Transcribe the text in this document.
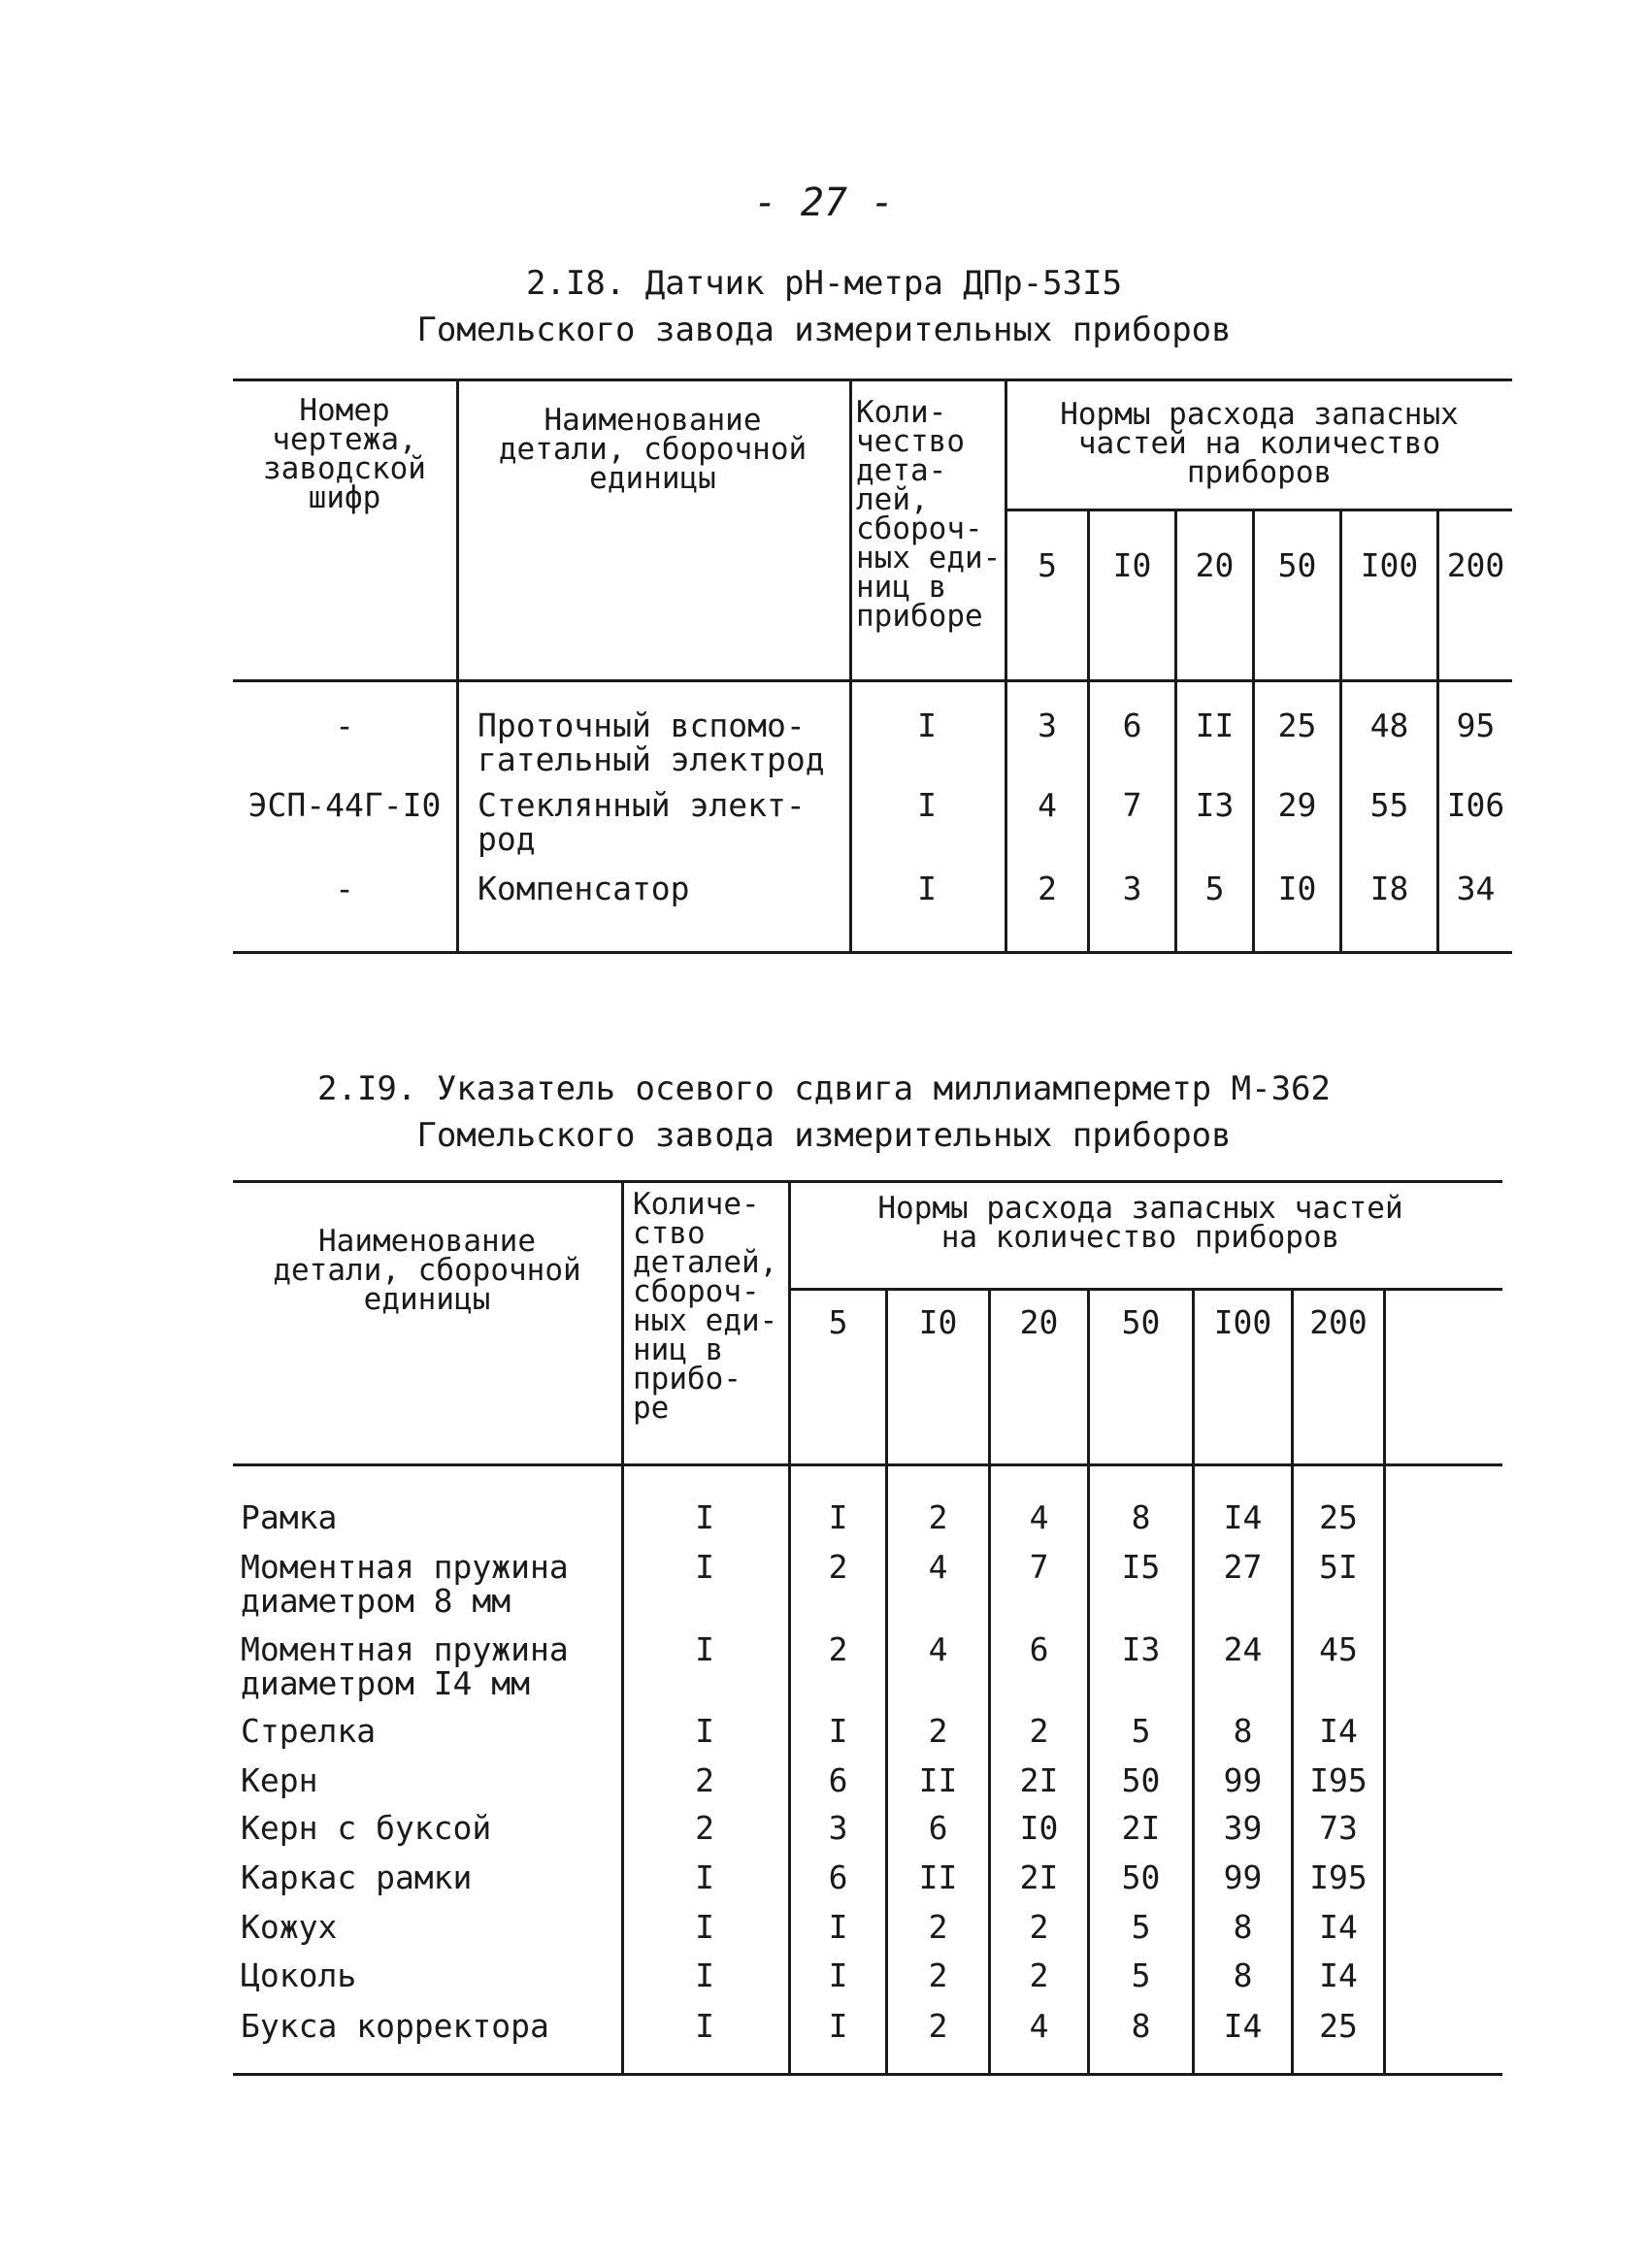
- 27 -
2.I8. Датчик pH-метра ДПр-53I5
Гомельского завода измерительных приборов
Номер
чертежа,
заводской
шифр
Наименование
детали, сборочной
единицы
Коли-
чество
дета-
лей,
сбороч-
ных еди-
ниц в
приборе
Нормы расхода запасных
частей на количество
приборов
5	I0	20	50	I00 200
-	Проточный вспомо-
гательный электрод
I	3	6	II	25	48	95
ЭСП-44Г-I0	Стеклянный элект-
род
I	4	7	I3	29	55	I06
-	Компенсатор	I	2	3	5	I0	I8	34
2.I9. Указатель осевого сдвига миллиамперметр М-362
Гомельского завода измерительных приборов
Наименование
детали, сборочной
единицы
Количе-
ство
деталей,
сбороч-
ных еди-
ниц в
прибо-
ре
Нормы расхода запасных частей
на количество приборов
5	I0	20	50	I00	200
Рамка	I	I	2	4	8	I4	25
Моментная пружина
диаметром 8 мм
I	2	4	7	I5	27	5I
Моментная пружина
диаметром I4 мм
I	2	4	6	I3	24	45
Стрелка	I	I	2	2	5	8	I4
Керн	2	6	II	2I	50	99	I95
Керн с буксой	2	3	6	I0	2I	39	73
Каркас рамки	I	6	II	2I	50	99	I95
Кожух	I	I	2	2	5	8	I4
Цоколь	I	I	2	2	5	8	I4
Букса корректора	I	I	2	4	8	I4	25
